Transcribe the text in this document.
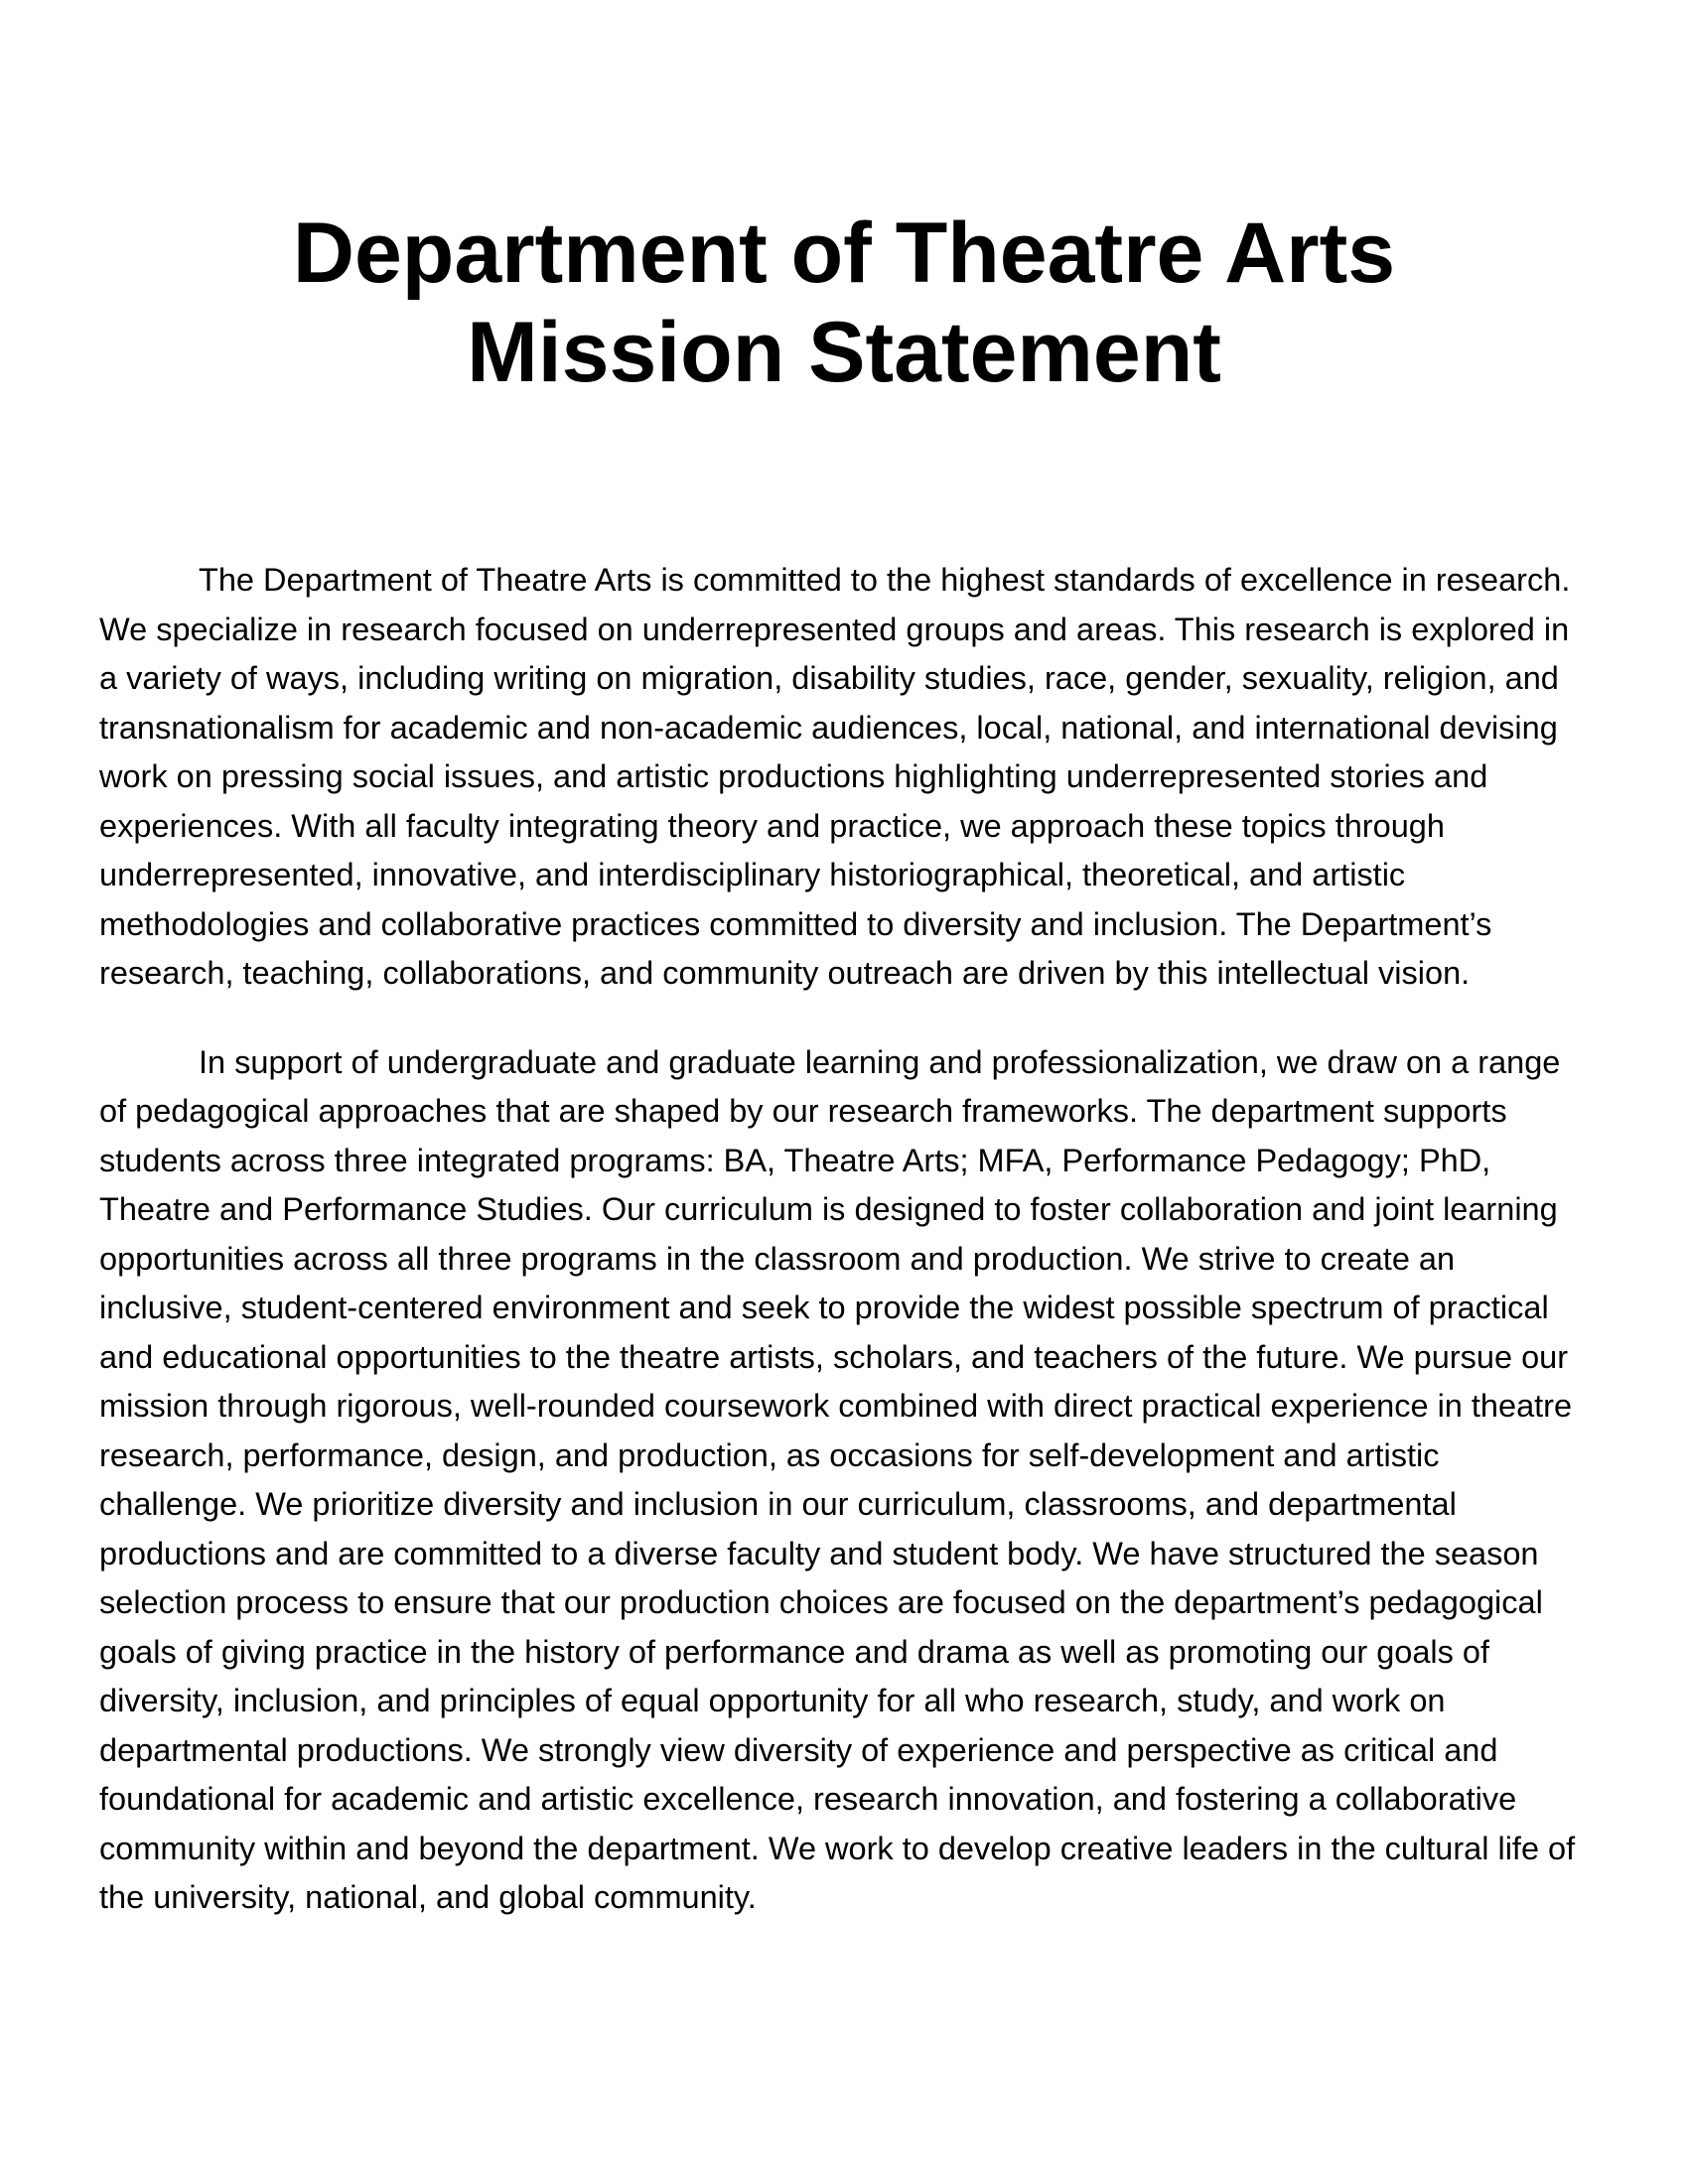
Department of Theatre Arts
Mission Statement

The Department of Theatre Arts is committed to the highest standards of excellence in research. We specialize in research focused on underrepresented groups and areas. This research is explored in a variety of ways, including writing on migration, disability studies, race, gender, sexuality, religion, and transnationalism for academic and non-academic audiences, local, national, and international devising work on pressing social issues, and artistic productions highlighting underrepresented stories and experiences. With all faculty integrating theory and practice, we approach these topics through underrepresented, innovative, and interdisciplinary historiographical, theoretical, and artistic methodologies and collaborative practices committed to diversity and inclusion. The Department’s research, teaching, collaborations, and community outreach are driven by this intellectual vision.

In support of undergraduate and graduate learning and professionalization, we draw on a range of pedagogical approaches that are shaped by our research frameworks. The department supports students across three integrated programs: BA, Theatre Arts; MFA, Performance Pedagogy; PhD, Theatre and Performance Studies. Our curriculum is designed to foster collaboration and joint learning opportunities across all three programs in the classroom and production. We strive to create an inclusive, student-centered environment and seek to provide the widest possible spectrum of practical and educational opportunities to the theatre artists, scholars, and teachers of the future. We pursue our mission through rigorous, well-rounded coursework combined with direct practical experience in theatre research, performance, design, and production, as occasions for self-development and artistic challenge. We prioritize diversity and inclusion in our curriculum, classrooms, and departmental productions and are committed to a diverse faculty and student body. We have structured the season selection process to ensure that our production choices are focused on the department’s pedagogical goals of giving practice in the history of performance and drama as well as promoting our goals of diversity, inclusion, and principles of equal opportunity for all who research, study, and work on departmental productions. We strongly view diversity of experience and perspective as critical and foundational for academic and artistic excellence, research innovation, and fostering a collaborative community within and beyond the department. We work to develop creative leaders in the cultural life of the university, national, and global community.
